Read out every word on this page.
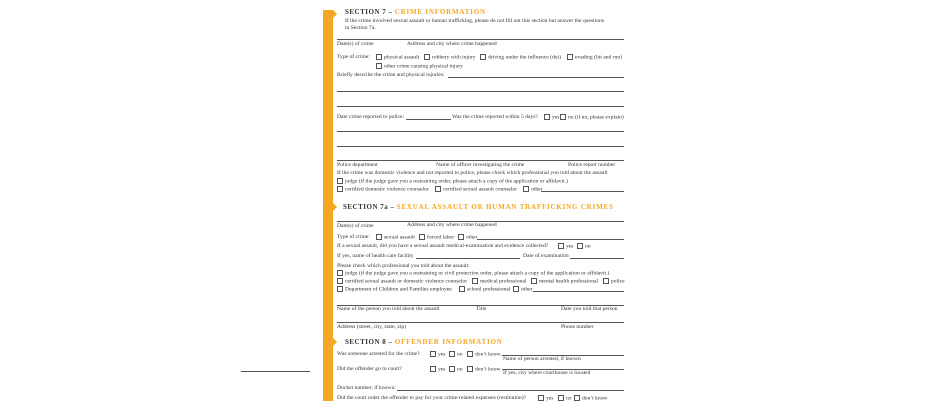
SECTION 7 – CRIME INFORMATION
If the crime involved sexual assault or human trafficking, please do not fill out this section but answer the questions
in Section 7a.
Date(s) of crime	Address and city where crime happened
Type of crime:	physical assault	robbery with injury	driving under the influence (dui)	evading (hit and run)
other crime causing physical injury
Briefly describe the crime and physical injuries:
Date crime reported to police:	Was the crime reported within 5 days?	yes	no (if no, please explain)
Police department	Name of officer investigating the crime	Police report number
If the crime was domestic violence and not reported to police, please check which professional you told about the assault
judge (if the judge gave you a restraining order, please attach a copy of the application or affidavit.)
certified domestic violence counselor	certified sexual assault counselor	other
SECTION 7a – SEXUAL ASSAULT OR HUMAN TRAFFICKING CRIMES
Date(s) of crime	Address and city where crime happened
Type of crime:	sexual assault	forced labor	other
If a sexual assault, did you have a sexual assault medical-examination and evidence collected?	yes	no
If yes, name of health care facility	Date of examination
Please check which professional you told about the assault:
judge (if the judge gave you a restraining or civil protection order, please attach a copy of the application or affidavit.)
certified sexual assault or domestic violence counselor	medical professional	mental health professional	police
Department of Children and Families employee	school professional	other
Name of the person you told about the assault	Title	Date you told that person
Address (street, city, state, zip)	Phone number
SECTION 8 – OFFENDER INFORMATION
Was someone arrested for the crime?	yes	no	don’t know
Name of person arrested, if known
Did the offender go to court?	yes	no	don’t know
If yes, city where courthouse is located
Docket number, if known:
Did the court order the offender to pay for your crime-related expenses (restitution)?	yes	no	don’t know
